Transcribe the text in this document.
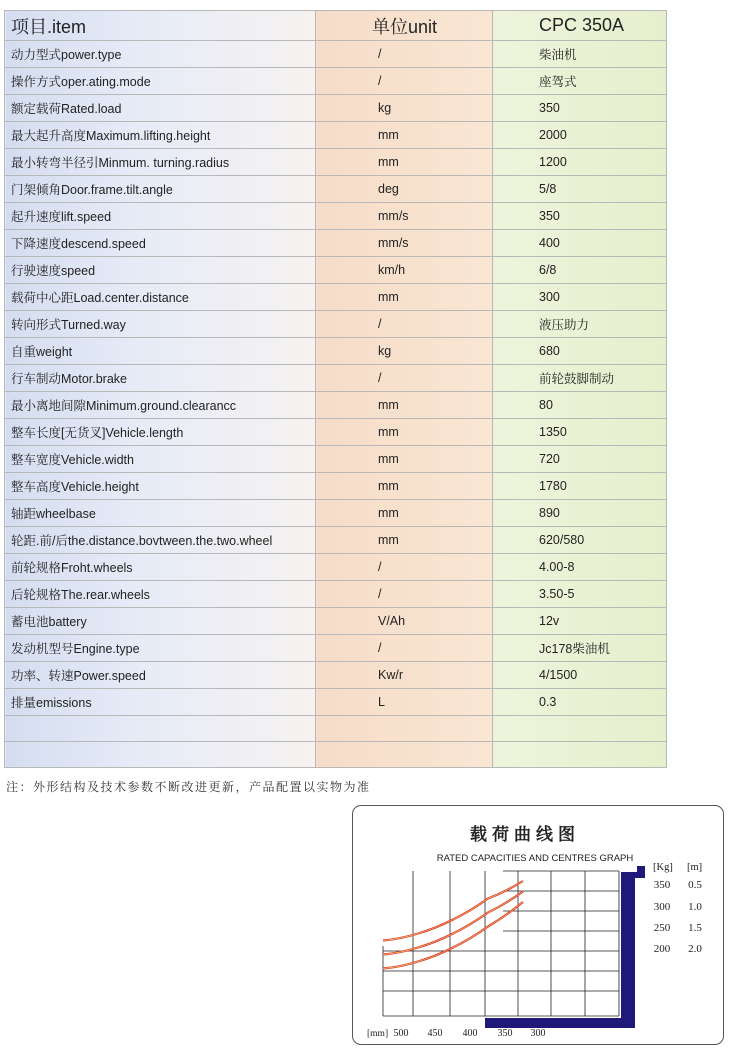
项目.item	单位unit	CPC 350A
动力型式power.type	/	柴油机
操作方式oper.ating.mode	/	座驾式
额定载荷Rated.load	kg	350
最大起升高度Maximum.lifting.height	mm	2000
最小转弯半径引Minmum. turning.radius	mm	1200
门架倾角Door.frame.tilt.angle	deg	5/8
起升速度lift.speed	mm/s	350
下降速度descend.speed	mm/s	400
行驶速度speed	km/h	6/8
载荷中心距Load.center.distance	mm	300
转向形式Turned.way	/	液压助力
自重weight	kg	680
行车制动Motor.brake	/	前轮鼓脚制动
最小离地间隙Minimum.ground.clearancc	mm	80
整车长度[无货叉]Vehicle.length	mm	1350
整车宽度Vehicle.width	mm	720
整车高度Vehicle.height	mm	1780
轴距wheelbase	mm	890
轮距.前/后the.distance.bovtween.the.two.wheel	mm	620/580
前轮规格Froht.wheels	/	4.00-8
后轮规格The.rear.wheels	/	3.50-5
蓄电池battery	V/Ah	12v
发动机型号Engine.type	/	Jc178柴油机
功率、转速Power.speed	Kw/r	4/1500
排量emissions	L	0.3

注：外形结构及技术参数不断改进更新，产品配置以实物为准
载荷曲线图
RATED CAPACITIES AND CENTRES GRAPH
[Kg] [m]
[mm] 500 450 400 350 300
350
300
250
200
0.5
1.0
1.5
2.0
